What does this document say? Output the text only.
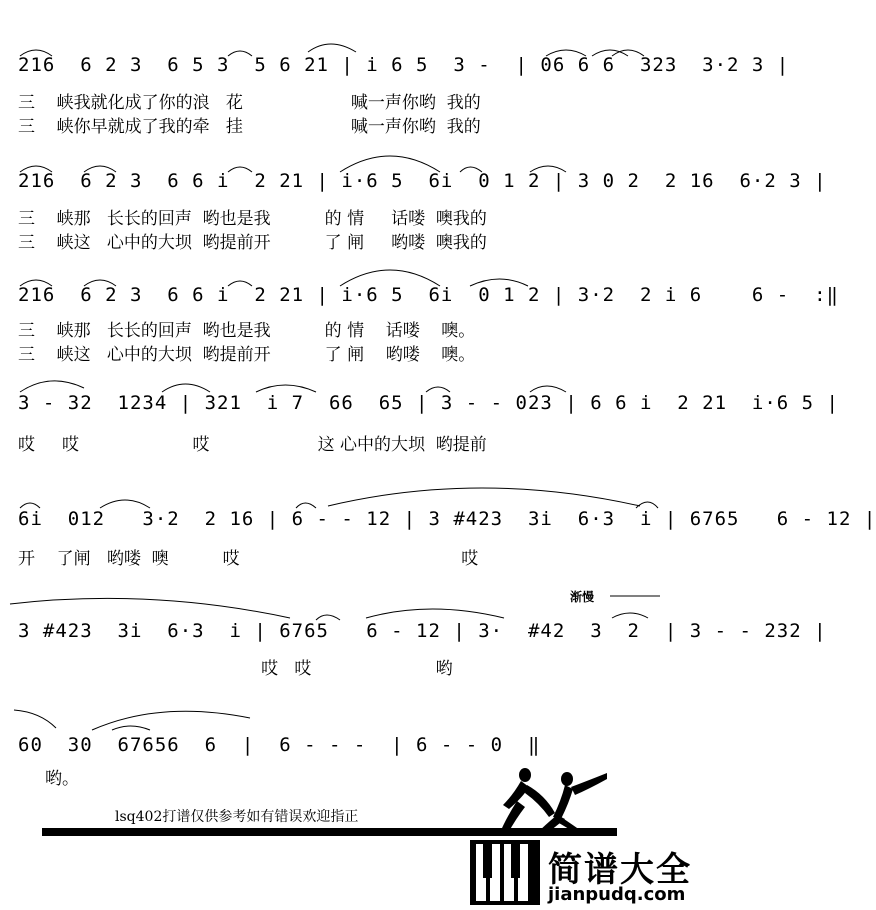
216  6 2 3  6 5 3  5 6 21 | i 6 5  3 -  | 06 6 6  323  3·2 3 |
三    峡我就化成了你的浪   花                    喊一声你哟  我的
三    峡你早就成了我的牵   挂                    喊一声你哟  我的
216  6 2 3  6 6 i  2 21 | i·6 5  6i  0 1 2 | 3 0 2  2 16  6·2 3 |
三    峡那   长长的回声  哟也是我          的 情     话喽  噢我的
三    峡这   心中的大坝  哟提前开          了 闸     哟喽  噢我的
216  6 2 3  6 6 i  2 21 | i·6 5  6i  0 1 2 | 3·2  2 i 6    6 -  :‖
三    峡那   长长的回声  哟也是我          的 情    话喽    噢。
三    峡这   心中的大坝  哟提前开          了 闸    哟喽    噢。
3 - 32  1234 | 321  i 7  66  65 | 3 - - 023 | 6 6 i  2 21  i·6 5 |
哎     哎                     哎                    这 心中的大坝  哟提前
6i  012   3·2  2 16 | 6 - - 12 | 3 #423  3i  6·3  i | 6765   6 - 12 |
开    了闸   哟喽  噢          哎                                         哎
渐慢
3 #423  3i  6·3  i | 6765   6 - 12 | 3·  #42  3  2  | 3 - - 232 |
哎   哎                       哟
60  30  67656  6  |  6 - - -  | 6 - - 0  ‖
哟。
lsq402打谱仅供参考如有错误欢迎指正
简谱大全
jianpudq.com
